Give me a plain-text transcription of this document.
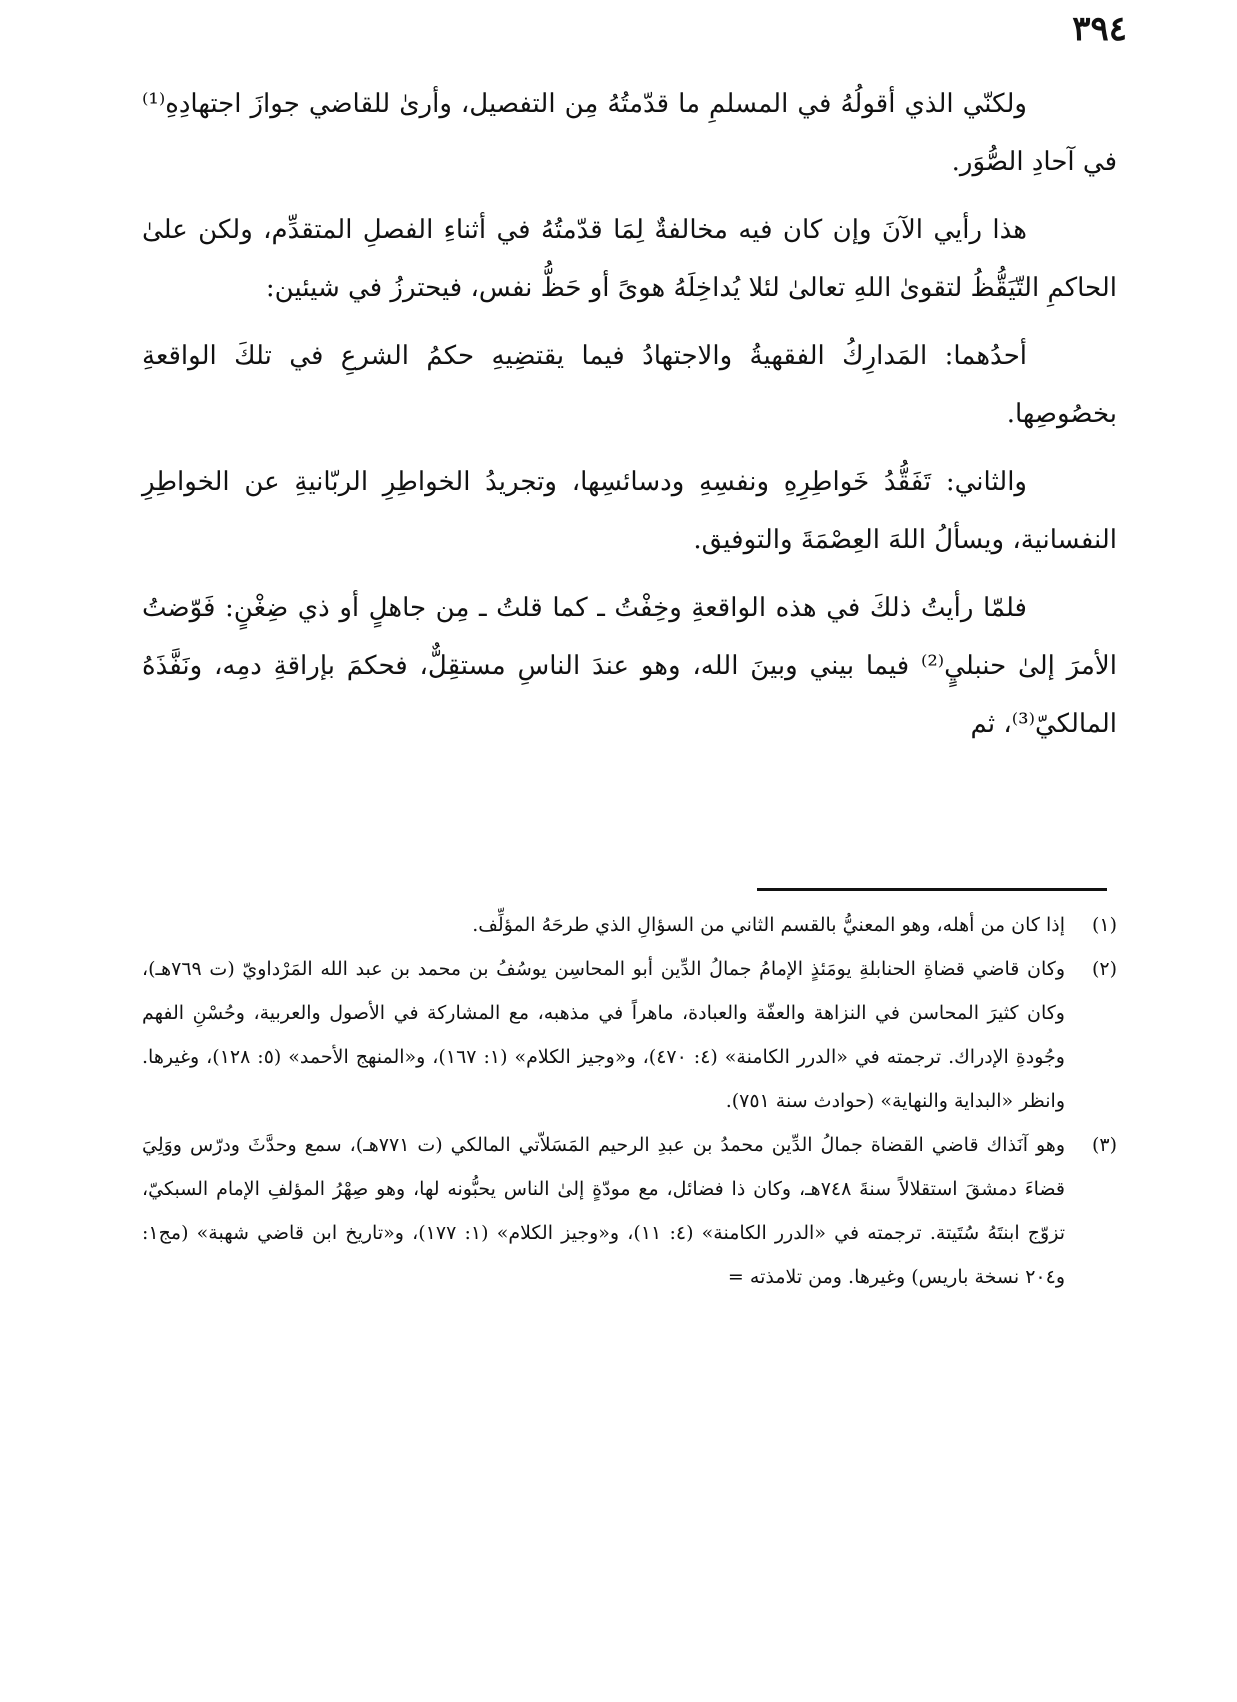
٣٩٤

ولكنّي الذي أقولُهُ في المسلمِ ما قدّمتُهُ مِن التفصيل، وأرىٰ للقاضي جوازَ اجتهادِهِ⁽¹⁾ في آحادِ الصُّوَر.

هذا رأيي الآنَ وإن كان فيه مخالفةٌ لِمَا قدّمتُهُ في أثناءِ الفصلِ المتقدِّم، ولكن علىٰ الحاكمِ التّيَقُّظُ لتقوىٰ اللهِ تعالىٰ لئلا يُداخِلَهُ هوىً أو حَظُّ نفس، فيحترزُ في شيئين:

أحدُهما: المَدارِكُ الفقهيةُ والاجتهادُ فيما يقتضِيهِ حكمُ الشرعِ في تلكَ الواقعةِ بخصُوصِها.

والثاني: تَفَقُّدُ خَواطِرِهِ ونفسِهِ ودسائسِها، وتجريدُ الخواطِرِ الربّانيةِ عن الخواطِرِ النفسانية، ويسألُ اللهَ العِصْمَةَ والتوفيق.

فلمّا رأيتُ ذلكَ في هذه الواقعةِ وخِفْتُ ـ كما قلتُ ـ مِن جاهلٍ أو ذي ضِغْنٍ: فَوّضتُ الأمرَ إلىٰ حنبليٍ⁽²⁾ فيما بيني وبينَ الله، وهو عندَ الناسِ مستقِلٌّ، فحكمَ بإراقةِ دمِه، ونَفَّذَهُ المالكيّ⁽³⁾، ثم

(١)
إذا كان من أهله، وهو المعنيُّ بالقسم الثاني من السؤالِ الذي طرحَهُ المؤلِّف.
(٢)
وكان قاضي قضاةِ الحنابلةِ يومَئذٍ الإمامُ جمالُ الدِّين أبو المحاسِن يوسُفُ بن محمد بن عبد الله المَرْداويّ (ت ٧٦٩هـ)، وكان كثيرَ المحاسن في النزاهة والعفّة والعبادة، ماهراً في مذهبه، مع المشاركة في الأصول والعربية، وحُسْنِ الفهم وجُودةِ الإدراك. ترجمته في «الدرر الكامنة» (٤: ٤٧٠)، و«وجيز الكلام» (١: ١٦٧)، و«المنهج الأحمد» (٥: ١٢٨)، وغيرها. وانظر «البداية والنهاية» (حوادث سنة ٧٥١).
(٣)
وهو آنَذاك قاضي القضاة جمالُ الدِّين محمدُ بن عبدِ الرحيم المَسَلاّتي المالكي (ت ٧٧١هـ)، سمع وحدَّثَ ودرّس ووَلِيَ قضاءَ دمشقَ استقلالاً سنةَ ٧٤٨هـ، وكان ذا فضائل، مع مودّةٍ إلىٰ الناس يحبُّونه لها، وهو صِهْرُ المؤلفِ الإمام السبكيّ، تزوّج ابنتَهُ سُتَيتة. ترجمته في «الدرر الكامنة» (٤: ١١)، و«وجيز الكلام» (١: ١٧٧)، و«تاريخ ابن قاضي شهبة» (مج١: و٢٠٤ نسخة باريس) وغيرها. ومن تلامذته =
